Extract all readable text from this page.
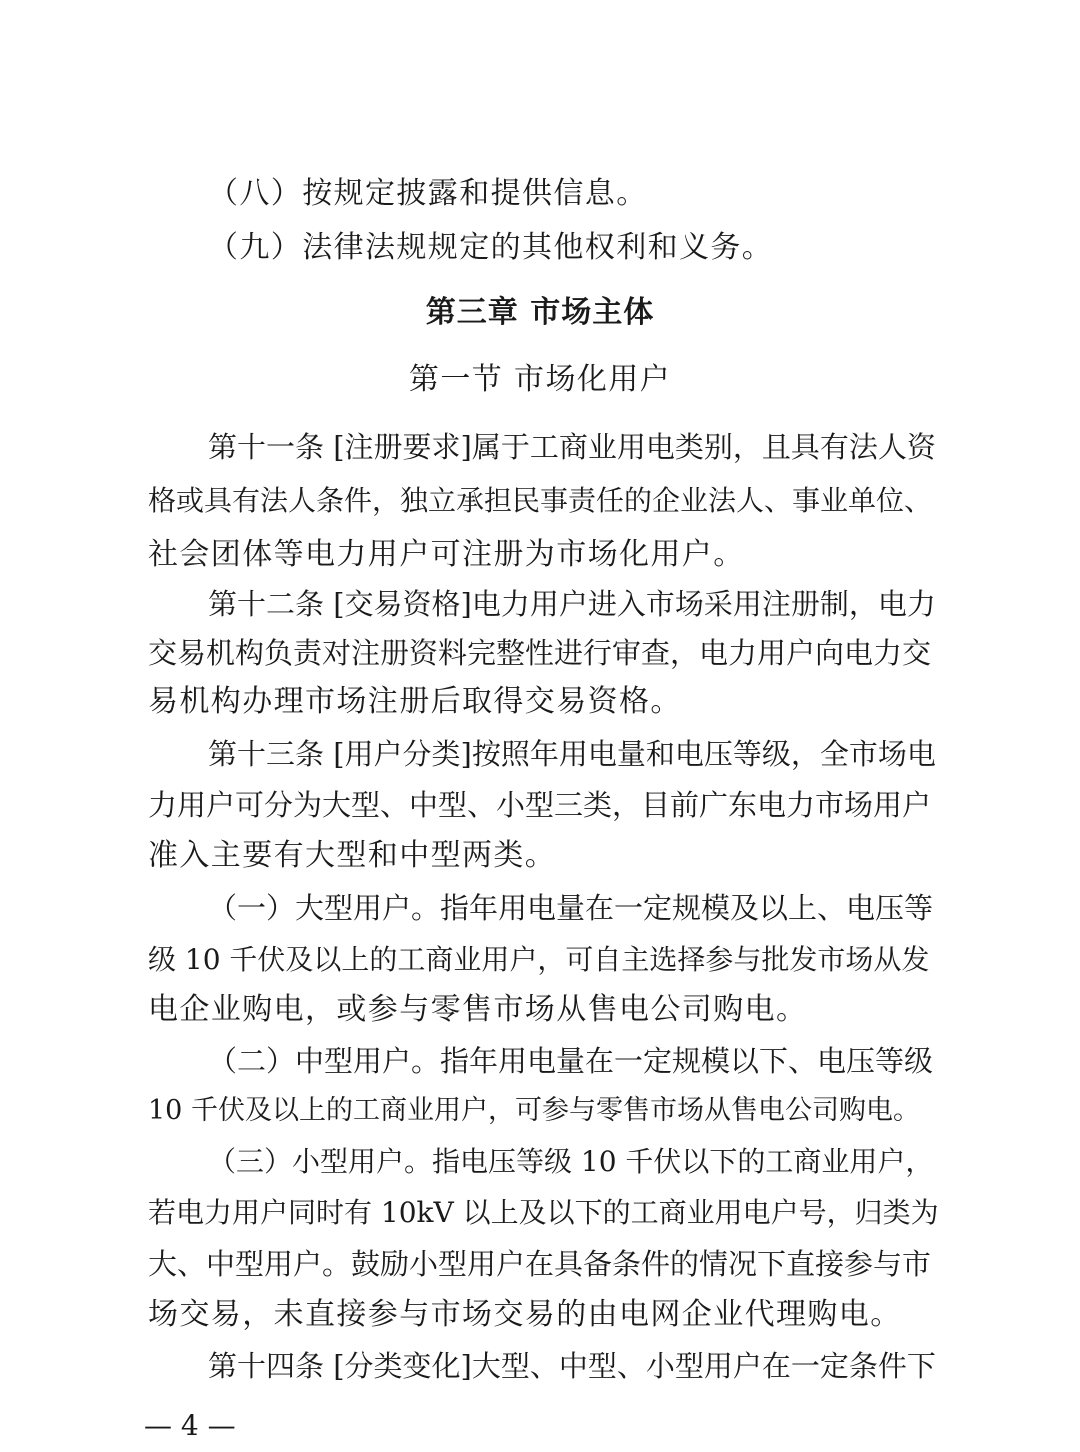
（八）按规定披露和提供信息。
（九）法律法规规定的其他权利和义务。
第三章 市场主体
第一节 市场化用户
第十一条 [注册要求]属于工商业用电类别，且具有法人资
格或具有法人条件，独立承担民事责任的企业法人、事业单位、
社会团体等电力用户可注册为市场化用户。
第十二条 [交易资格]电力用户进入市场采用注册制，电力
交易机构负责对注册资料完整性进行审查，电力用户向电力交
易机构办理市场注册后取得交易资格。
第十三条 [用户分类]按照年用电量和电压等级，全市场电
力用户可分为大型、中型、小型三类，目前广东电力市场用户
准入主要有大型和中型两类。
（一）大型用户。指年用电量在一定规模及以上、电压等
级 10 千伏及以上的工商业用户，可自主选择参与批发市场从发
电企业购电，或参与零售市场从售电公司购电。
（二）中型用户。指年用电量在一定规模以下、电压等级
10 千伏及以上的工商业用户，可参与零售市场从售电公司购电。
（三）小型用户。指电压等级 10 千伏以下的工商业用户，
若电力用户同时有 10kV 以上及以下的工商业用电户号，归类为
大、中型用户。鼓励小型用户在具备条件的情况下直接参与市
场交易，未直接参与市场交易的由电网企业代理购电。
第十四条 [分类变化]大型、中型、小型用户在一定条件下
— 4 —
